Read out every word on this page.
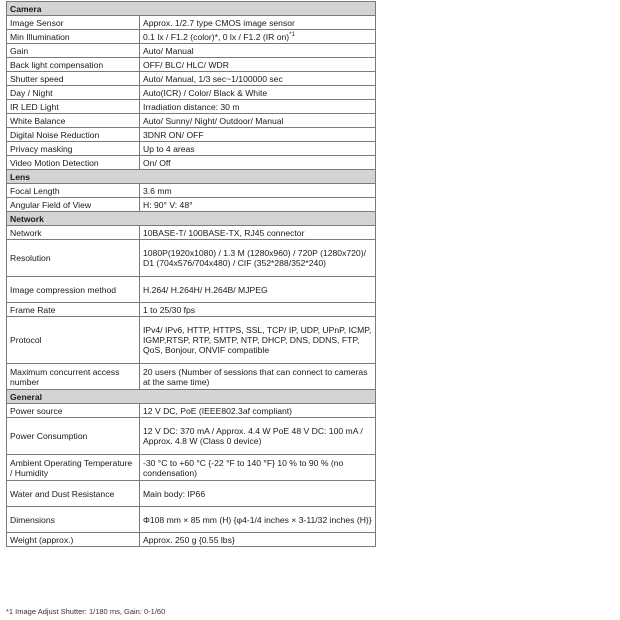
Camera	
Image Sensor	Approx. 1/2.7 type CMOS image sensor
Min Illumination	0.1 lx / F1.2 (color)*, 0 lx / F1.2 (IR on)$^{*1}$
Gain	Auto/ Manual
Back light compensation	OFF/ BLC/ HLC/ WDR
Shutter speed	Auto/ Manual, 1/3 sec~1/100000 sec
Day / Night	Auto(ICR) / Color/ Black & White
IR LED Light	Irradiation distance: 30 m
White Balance	Auto/ Sunny/ Night/ Outdoor/ Manual
Digital Noise Reduction	3DNR ON/ OFF
Privacy masking	Up to 4 areas
Video Motion Detection	On/ Off
Lens	
Focal Length	3.6 mm
Angular Field of View	H: 90° V: 48°
Network	
Network	10BASE-T/ 100BASE-TX, RJ45 connector
Resolution	1080P(1920x1080) / 1.3 M (1280x960) / 720P (1280x720)/ D1 (704x576/704x480) / CIF (352*288/352*240)
Image compression method	H.264/ H.264H/ H.264B/ MJPEG
Frame Rate	1 to 25/30 fps
Protocol	IPv4/ IPv6, HTTP, HTTPS, SSL, TCP/ IP, UDP, UPnP, ICMP, IGMP,RTSP, RTP, SMTP, NTP, DHCP, DNS, DDNS, FTP, QoS, Bonjour, ONVIF compatible
Maximum concurrent access number	20 users (Number of sessions that can connect to cameras at the same time)
General	
Power source	12 V DC, PoE (IEEE802.3af compliant)
Power Consumption	12 V DC: 370 mA / Approx. 4.4 W PoE 48 V DC: 100 mA / Approx. 4.8 W (Class 0 device)
Ambient Operating Temperature / Humidity	-30 °C to +60 °C {-22 °F to 140 °F} 10 % to 90 % (no condensation)
Water and Dust Resistance	Main body: IP66
Dimensions	Φ108 mm × 85 mm (H) {φ4-1/4 inches × 3-11/32 inches (H)}
Weight (approx.)	Approx. 250 g {0.55 lbs}
*1 Image Adjust Shutter: 1/180 ms, Gain: 0-1/60
